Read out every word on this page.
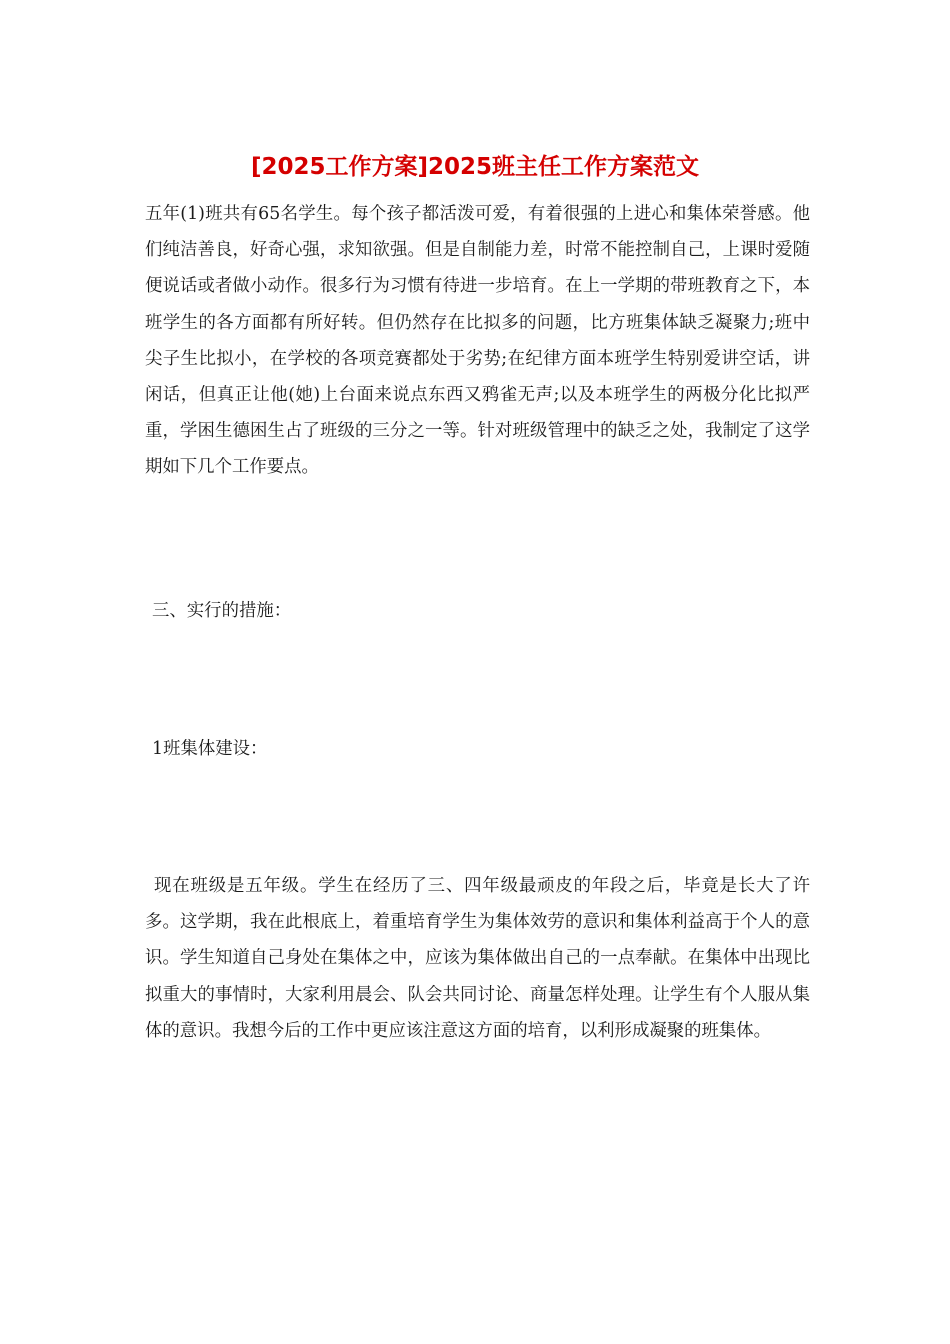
[2025工作方案]2025班主任工作方案范文

五年(1)班共有65名学生。每个孩子都活泼可爱，有着很强的上进心和集体荣誉感。他们纯洁善良，好奇心强，求知欲强。但是自制能力差，时常不能控制自己，上课时爱随便说话或者做小动作。很多行为习惯有待进一步培育。在上一学期的带班教育之下，本班学生的各方面都有所好转。但仍然存在比拟多的问题，比方班集体缺乏凝聚力;班中尖子生比拟小，在学校的各项竞赛都处于劣势;在纪律方面本班学生特别爱讲空话，讲闲话，但真正让他(她)上台面来说点东西又鸦雀无声;以及本班学生的两极分化比拟严重，学困生德困生占了班级的三分之一等。针对班级管理中的缺乏之处，我制定了这学期如下几个工作要点。

三、实行的措施：

1班集体建设：

现在班级是五年级。学生在经历了三、四年级最顽皮的年段之后，毕竟是长大了许多。这学期，我在此根底上，着重培育学生为集体效劳的意识和集体利益高于个人的意识。学生知道自己身处在集体之中，应该为集体做出自己的一点奉献。在集体中出现比拟重大的事情时，大家利用晨会、队会共同讨论、商量怎样处理。让学生有个人服从集体的意识。我想今后的工作中更应该注意这方面的培育，以利形成凝聚的班集体。
